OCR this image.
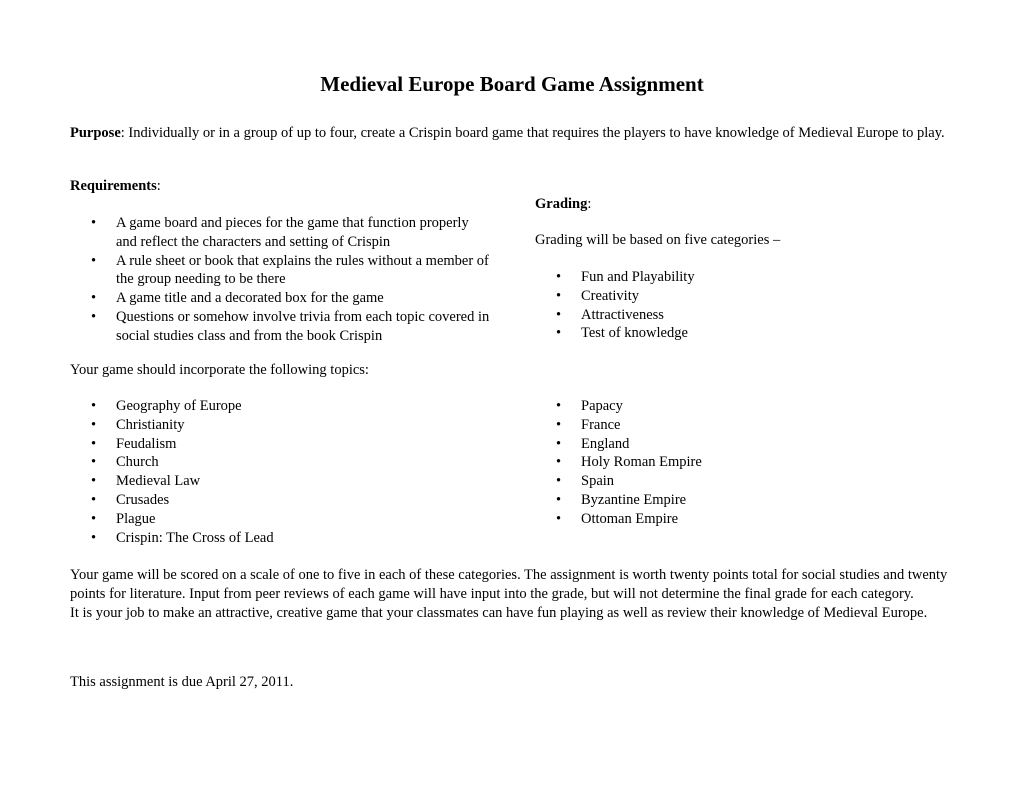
Medieval Europe Board Game Assignment
Purpose: Individually or in a group of up to four, create a Crispin board game that requires the players to have knowledge of Medieval Europe to play.
Requirements:
• A game board and pieces for the game that function properly and reflect the characters and setting of Crispin
• A rule sheet or book that explains the rules without a member of the group needing to be there
• A game title and a decorated box for the game
• Questions or somehow involve trivia from each topic covered in social studies class and from the book Crispin
Grading:
Grading will be based on five categories –
• Fun and Playability
• Creativity
• Attractiveness
• Test of knowledge
Your game should incorporate the following topics:
• Geography of Europe
• Christianity
• Feudalism
• Church
• Medieval Law
• Crusades
• Plague
• Crispin: The Cross of Lead
• Papacy
• France
• England
• Holy Roman Empire
• Spain
• Byzantine Empire
• Ottoman Empire

Your game will be scored on a scale of one to five in each of these categories. The assignment is worth twenty points total for social studies and twenty points for literature. Input from peer reviews of each game will have input into the grade, but will not determine the final grade for each category.

It is your job to make an attractive, creative game that your classmates can have fun playing as well as review their knowledge of Medieval Europe.

This assignment is due April 27, 2011.
